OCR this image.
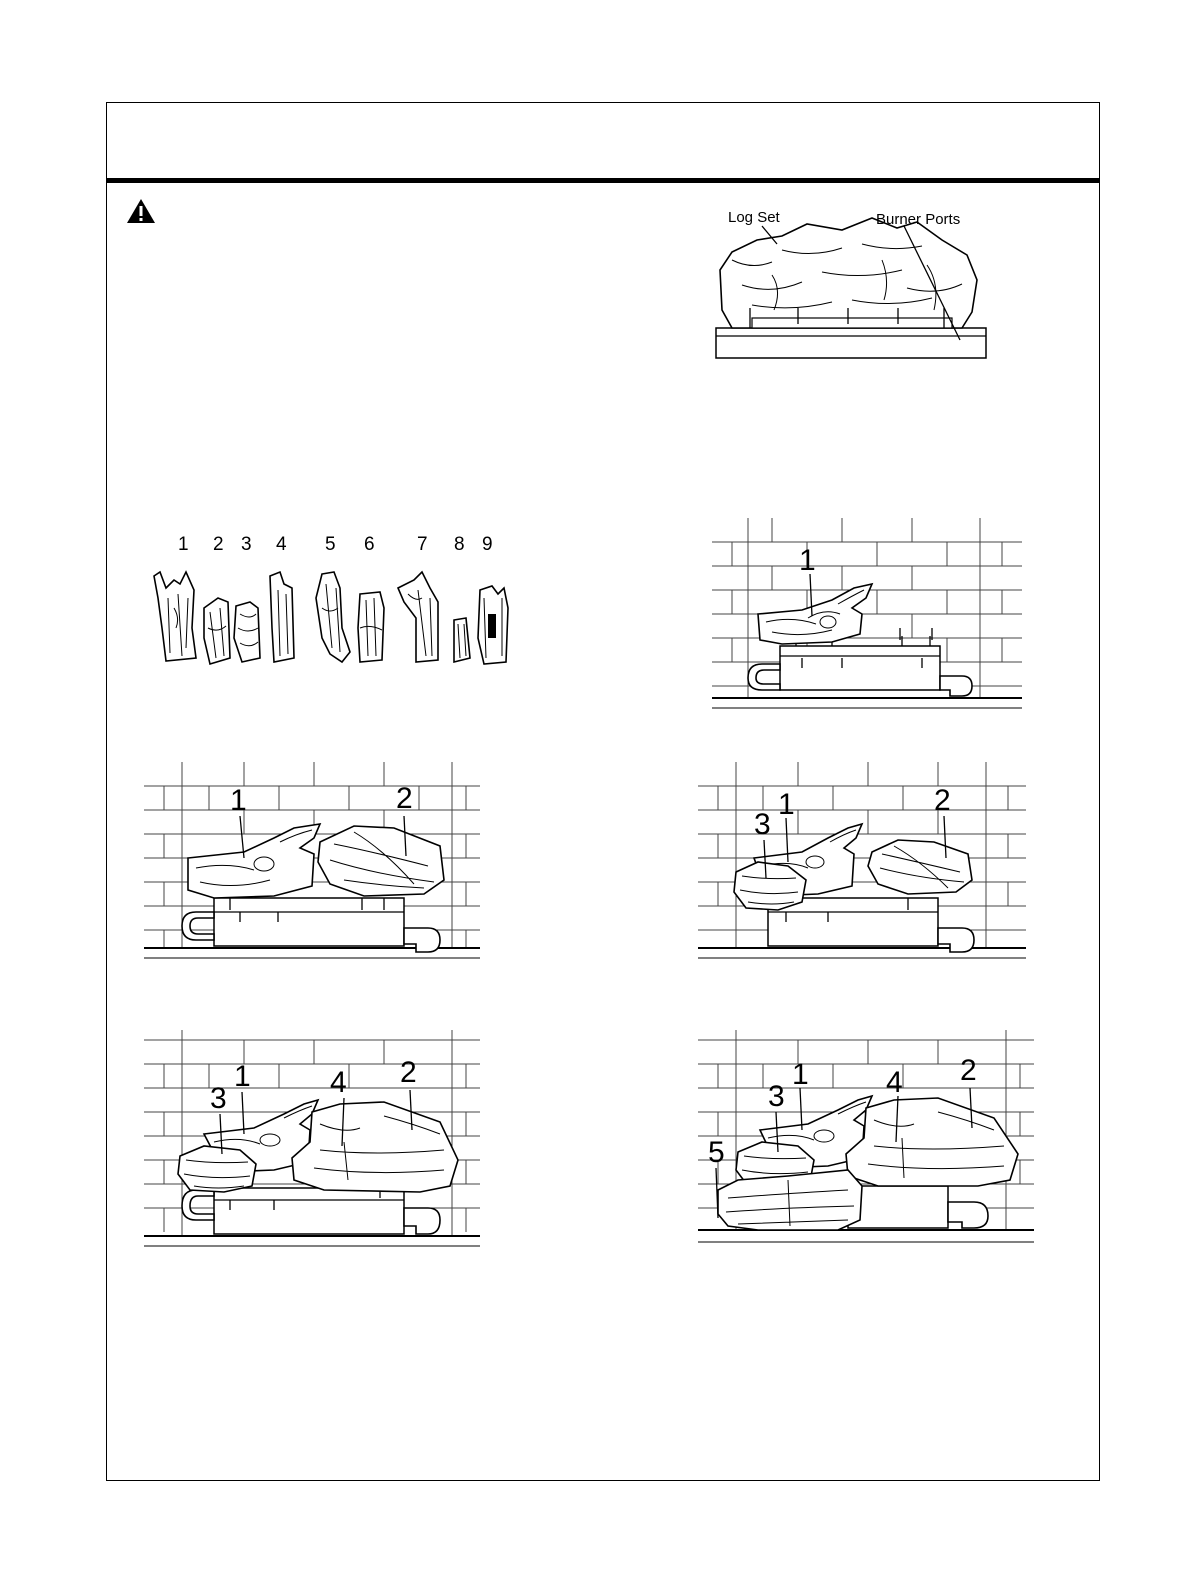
Log Set	Burner Ports
1 2 3 4 5 6 7 8 9	1
1	2	1
3
2
1
3	4 2	1
3	4 2
5
